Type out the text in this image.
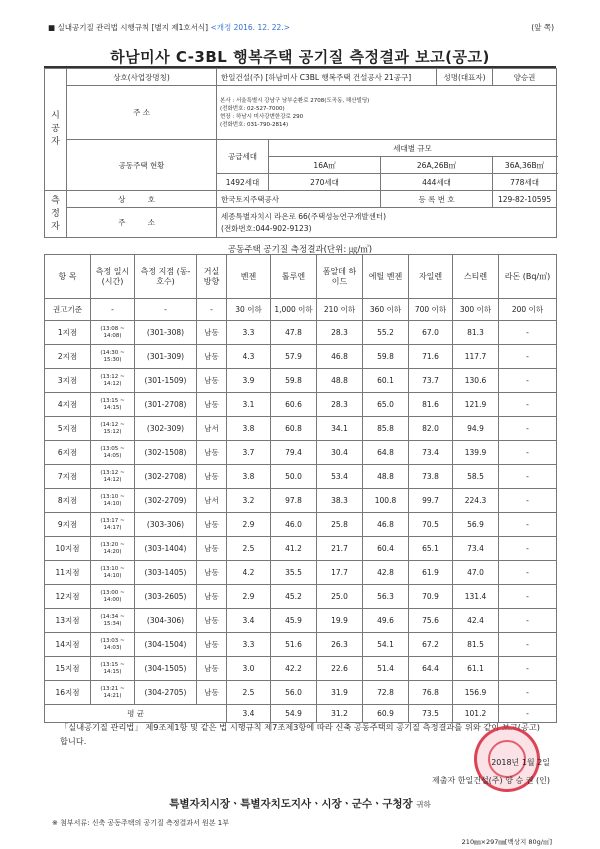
■ 실내공기질 관리법 시행규칙 [별지 제1호서식] <개정 2016. 12. 22.>	(앞 쪽)
하남미사 C-3BL 행복주택 공기질 측정결과 보고(공고)
시
공
자	상호(사업장명칭)	한일건설(주) [하남미사 C3BL 행복주택 건설공사 21공구]			성명(대표자)	양승권
	주 소	본사 : 서울특별시 강남구 남부순환로 2708(도곡동, 해산빌딩)
(전화번호: 02-527-7000)
현장 : 하남시 미사강변한강로 290
(전화번호: 031-790-2814)				

	공동주택 현황	공급세대	세대별 규모			
			16A㎡	26A,26B㎡		36A,36B㎡
		1492세대	270세대	444세대		778세대
측
정
자	상 호	한국토지주택공사		등 록 번 호		129-82-10595
	주 소	세종특별자치시 라온로 66(주택성능연구개발센터)
(전화번호:044-902-9123)				
공동주택 공기질 측정결과(단위: ㎍/㎥)
항 목	측정 일시 (시간)	측정 지점 (동-호수)	거실 방향	벤젠	톨루엔	폼알데 하이드	에틸 벤젠	자일렌	스티렌	라돈 (Bq/㎥)
권고기준	-	-	-	30 이하	1,000 이하	210 이하	360 이하	700 이하	300 이하	200 이하
1지점	(13:08 ~ 14:08)	(301-308)	남동	3.3	47.8	28.3	55.2	67.0	81.3	-
2지점	(14:30 ~ 15:30)	(301-309)	남동	4.3	57.9	46.8	59.8	71.6	117.7	-
3지점	(13:12 ~ 14:12)	(301-1509)	남동	3.9	59.8	48.8	60.1	73.7	130.6	-
4지점	(13:15 ~ 14:15)	(301-2708)	남동	3.1	60.6	28.3	65.0	81.6	121.9	-
5지점	(14:12 ~ 15:12)	(302-309)	남서	3.8	60.8	34.1	85.8	82.0	94.9	-
6지점	(13:05 ~ 14:05)	(302-1508)	남동	3.7	79.4	30.4	64.8	73.4	139.9	-
7지점	(13:12 ~ 14:12)	(302-2708)	남동	3.8	50.0	53.4	48.8	73.8	58.5	-
8지점	(13:10 ~ 14:10)	(302-2709)	남서	3.2	97.8	38.3	100.8	99.7	224.3	-
9지점	(13:17 ~ 14:17)	(303-306)	남동	2.9	46.0	25.8	46.8	70.5	56.9	-
10지점	(13:20 ~ 14:20)	(303-1404)	남동	2.5	41.2	21.7	60.4	65.1	73.4	-
11지점	(13:10 ~ 14:10)	(303-1405)	남동	4.2	35.5	17.7	42.8	61.9	47.0	-
12지점	(13:00 ~ 14:00)	(303-2605)	남동	2.9	45.2	25.0	56.3	70.9	131.4	-
13지점	(14:34 ~ 15:34)	(304-306)	남동	3.4	45.9	19.9	49.6	75.6	42.4	-
14지점	(13:03 ~ 14:03)	(304-1504)	남동	3.3	51.6	26.3	54.1	67.2	81.5	-
15지점	(13:15 ~ 14:15)	(304-1505)	남동	3.0	42.2	22.6	51.4	64.4	61.1	-
16지점	(13:21 ~ 14:21)	(304-2705)	남동	2.5	56.0	31.9	72.8	76.8	156.9	-
평 균				3.4	54.9	31.2	60.9	73.5	101.2	-
「실내공기질 관리법」 제9조제1항 및 같은 법 시행규칙 제7조제3항에 따라 신축 공동주택의 공기질 측정결과를 위와 같이 보고(공고)합니다.
2018년 1월 2일
제출자 한일건설(주) 양 승 권 (인)
특별자치시장ㆍ특별자치도지사ㆍ시장ㆍ군수ㆍ구청장 귀하
※ 첨부서류: 신축 공동주택의 공기질 측정결과서 원본 1부
210㎜×297㎜[백상지 80g/㎡]
